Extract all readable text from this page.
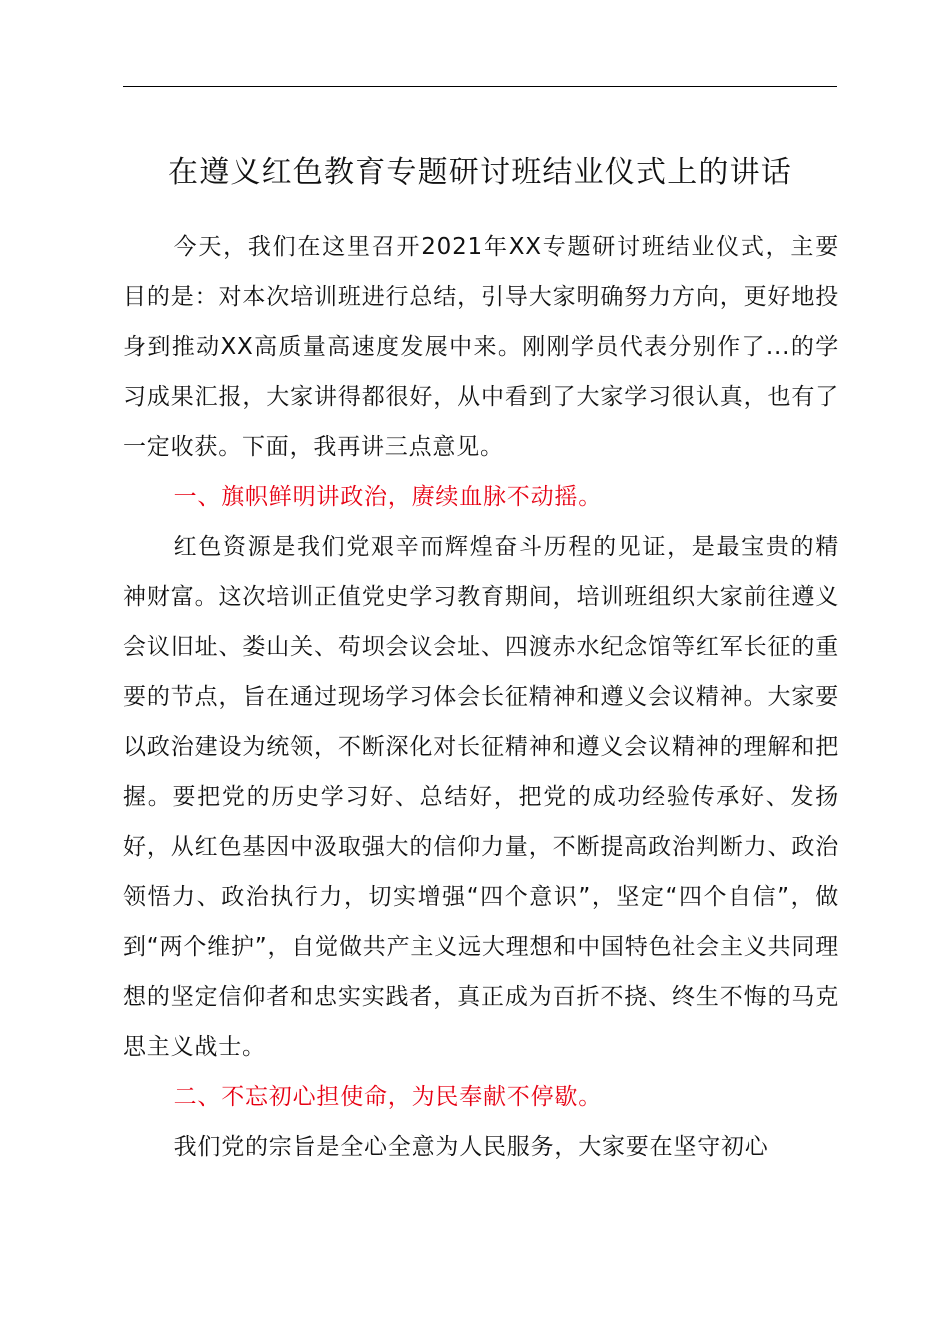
在遵义红色教育专题研讨班结业仪式上的讲话

今天，我们在这里召开2021年XX专题研讨班结业仪式，主要目的是：对本次培训班进行总结，引导大家明确努力方向，更好地投身到推动XX高质量高速度发展中来。刚刚学员代表分别作了...的学习成果汇报，大家讲得都很好，从中看到了大家学习很认真，也有了一定收获。下面，我再讲三点意见。

一、旗帜鲜明讲政治，赓续血脉不动摇。

红色资源是我们党艰辛而辉煌奋斗历程的见证，是最宝贵的精神财富。这次培训正值党史学习教育期间，培训班组织大家前往遵义会议旧址、娄山关、苟坝会议会址、四渡赤水纪念馆等红军长征的重要的节点，旨在通过现场学习体会长征精神和遵义会议精神。大家要以政治建设为统领，不断深化对长征精神和遵义会议精神的理解和把握。要把党的历史学习好、总结好，把党的成功经验传承好、发扬好，从红色基因中汲取强大的信仰力量，不断提高政治判断力、政治领悟力、政治执行力，切实增强“四个意识”，坚定“四个自信”，做到“两个维护”，自觉做共产主义远大理想和中国特色社会主义共同理想的坚定信仰者和忠实实践者，真正成为百折不挠、终生不悔的马克思主义战士。

二、不忘初心担使命，为民奉献不停歇。

我们党的宗旨是全心全意为人民服务，大家要在坚守初心
